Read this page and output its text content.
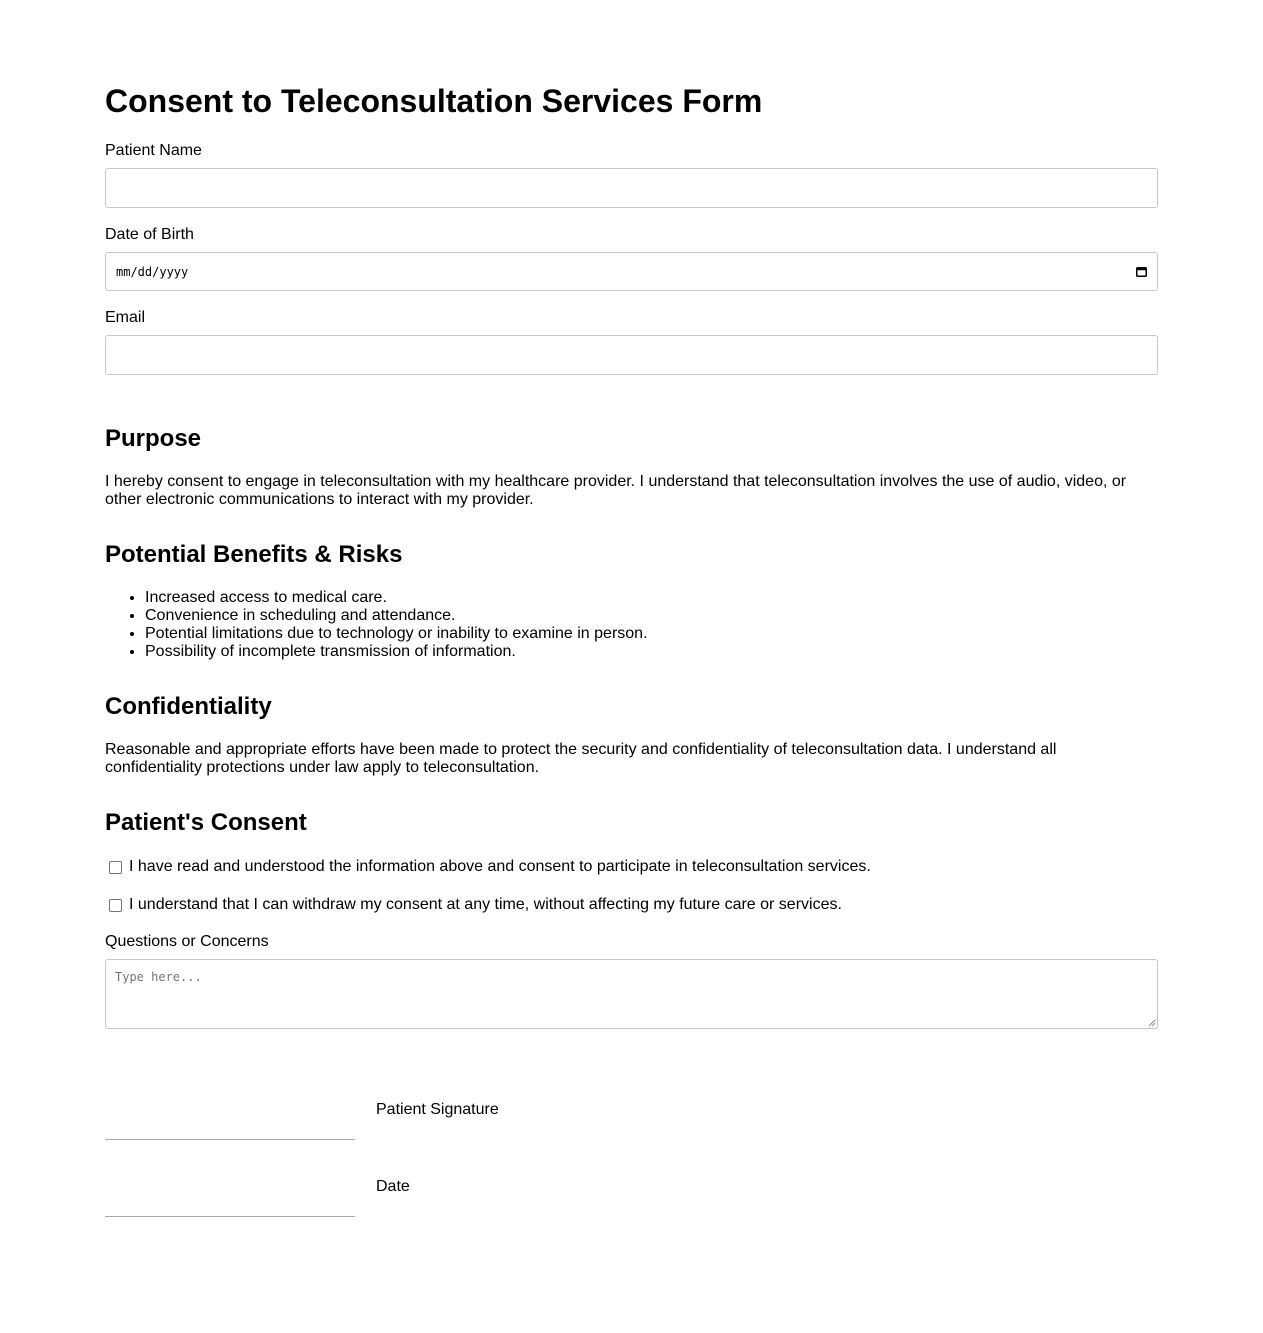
Consent to Teleconsultation Services Form
Patient Name
Date of Birth
mm/dd/yyyy
Email
Purpose

I hereby consent to engage in teleconsultation with my healthcare provider. I understand that teleconsultation involves the use of audio, video, or
other electronic communications to interact with my provider.

Potential Benefits & Risks
• Increased access to medical care.
• Convenience in scheduling and attendance.
• Potential limitations due to technology or inability to examine in person.
• Possibility of incomplete transmission of information.
Confidentiality

Reasonable and appropriate efforts have been made to protect the security and confidentiality of teleconsultation data. I understand all
confidentiality protections under law apply to teleconsultation.

Patient's Consent
I have read and understood the information above and consent to participate in teleconsultation services.
I understand that I can withdraw my consent at any time, without affecting my future care or services.
Questions or Concerns
Type here...
Patient Signature
Date
